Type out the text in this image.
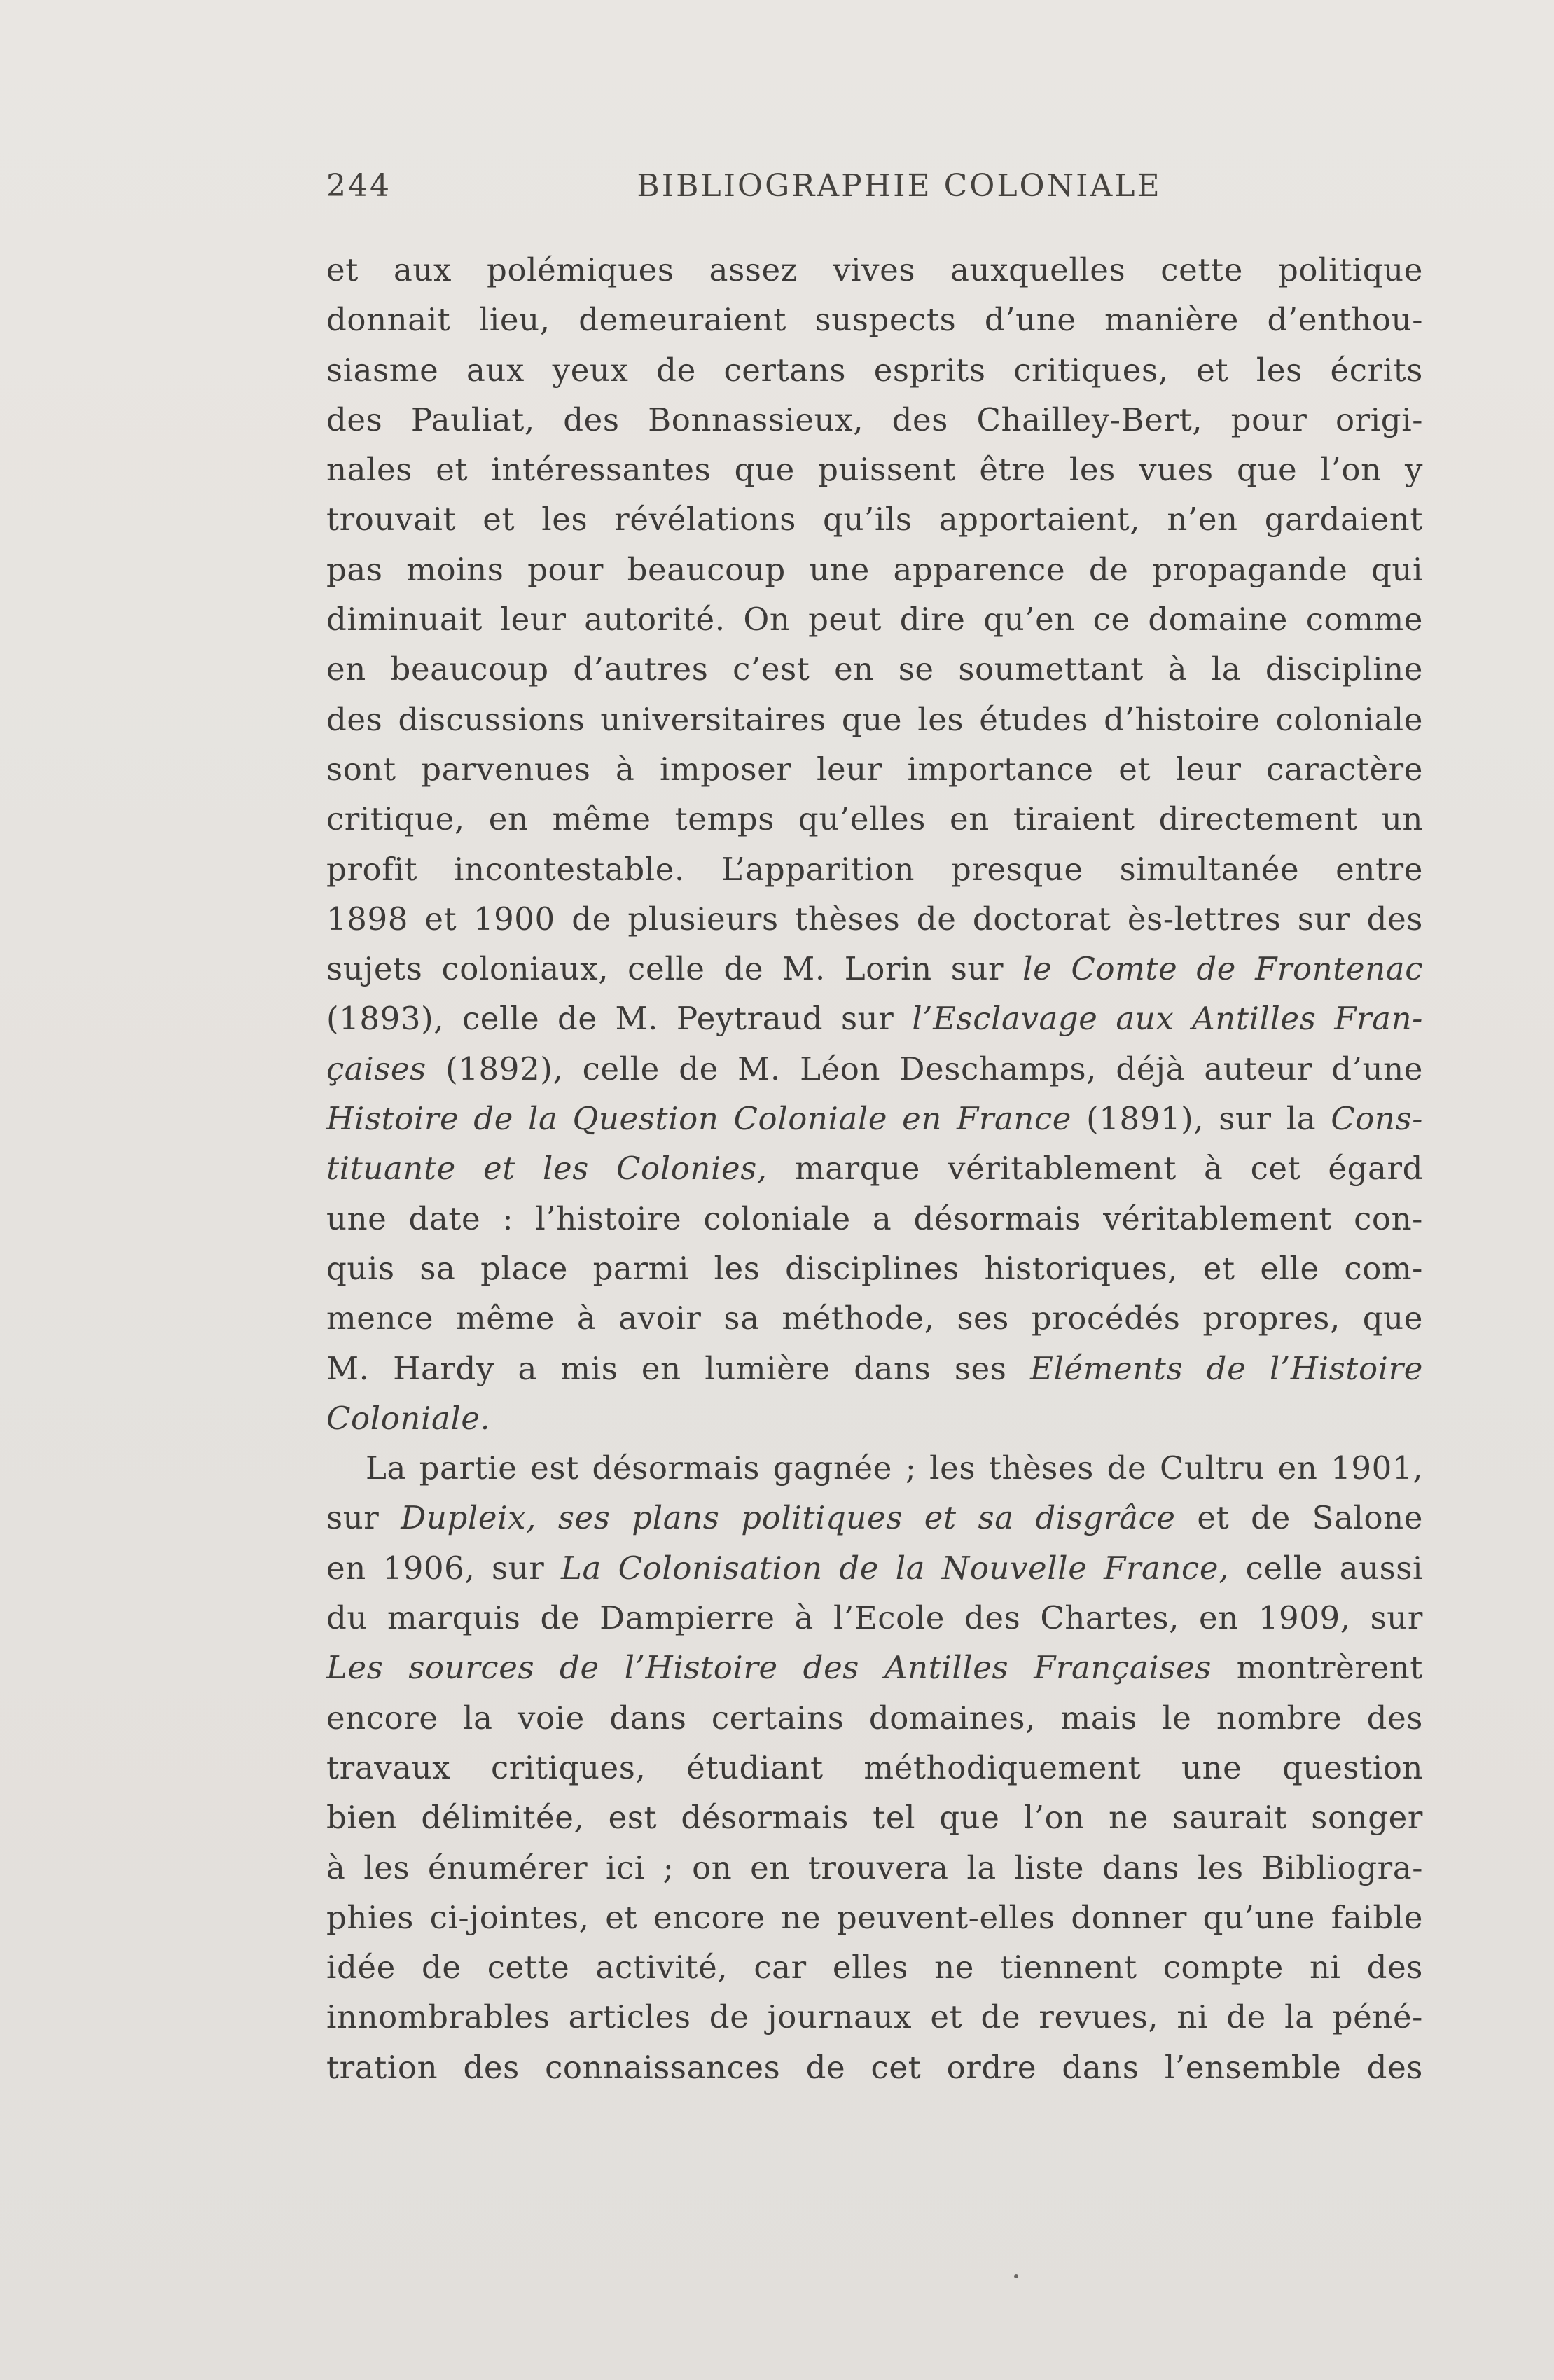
244	BIBLIOGRAPHIE COLONIALE
et aux polémiques assez vives auxquelles cette politique
donnait lieu, demeuraient suspects d’une manière d’enthou-
siasme aux yeux de certans esprits critiques, et les écrits
des Pauliat, des Bonnassieux, des Chailley-Bert, pour origi-
nales et intéressantes que puissent être les vues que l’on y
trouvait et les révélations qu’ils apportaient, n’en gardaient
pas moins pour beaucoup une apparence de propagande qui
diminuait leur autorité. On peut dire qu’en ce domaine comme
en beaucoup d’autres c’est en se soumettant à la discipline
des discussions universitaires que les études d’histoire coloniale
sont parvenues à imposer leur importance et leur caractère
critique, en même temps qu’elles en tiraient directement un
profit incontestable. L’apparition presque simultanée entre
1898 et 1900 de plusieurs thèses de doctorat ès-lettres sur des
sujets coloniaux, celle de M. Lorin sur le Comte de Frontenac
(1893), celle de M. Peytraud sur l’Esclavage aux Antilles Fran-
çaises (1892), celle de M. Léon Deschamps, déjà auteur d’une
Histoire de la Question Coloniale en France (1891), sur la Cons-
tituante et les Colonies, marque véritablement à cet égard
une date : l’histoire coloniale a désormais véritablement con-
quis sa place parmi les disciplines historiques, et elle com-
mence même à avoir sa méthode, ses procédés propres, que
M. Hardy a mis en lumière dans ses Eléments de l’Histoire
Coloniale.
La partie est désormais gagnée ; les thèses de Cultru en 1901,
sur Dupleix, ses plans politiques et sa disgrâce et de Salone
en 1906, sur La Colonisation de la Nouvelle France, celle aussi
du marquis de Dampierre à l’Ecole des Chartes, en 1909, sur
Les sources de l’Histoire des Antilles Françaises montrèrent
encore la voie dans certains domaines, mais le nombre des
travaux critiques, étudiant méthodiquement une question
bien délimitée, est désormais tel que l’on ne saurait songer
à les énumérer ici ; on en trouvera la liste dans les Bibliogra-
phies ci-jointes, et encore ne peuvent-elles donner qu’une faible
idée de cette activité, car elles ne tiennent compte ni des
innombrables articles de journaux et de revues, ni de la péné-
tration des connaissances de cet ordre dans l’ensemble des
